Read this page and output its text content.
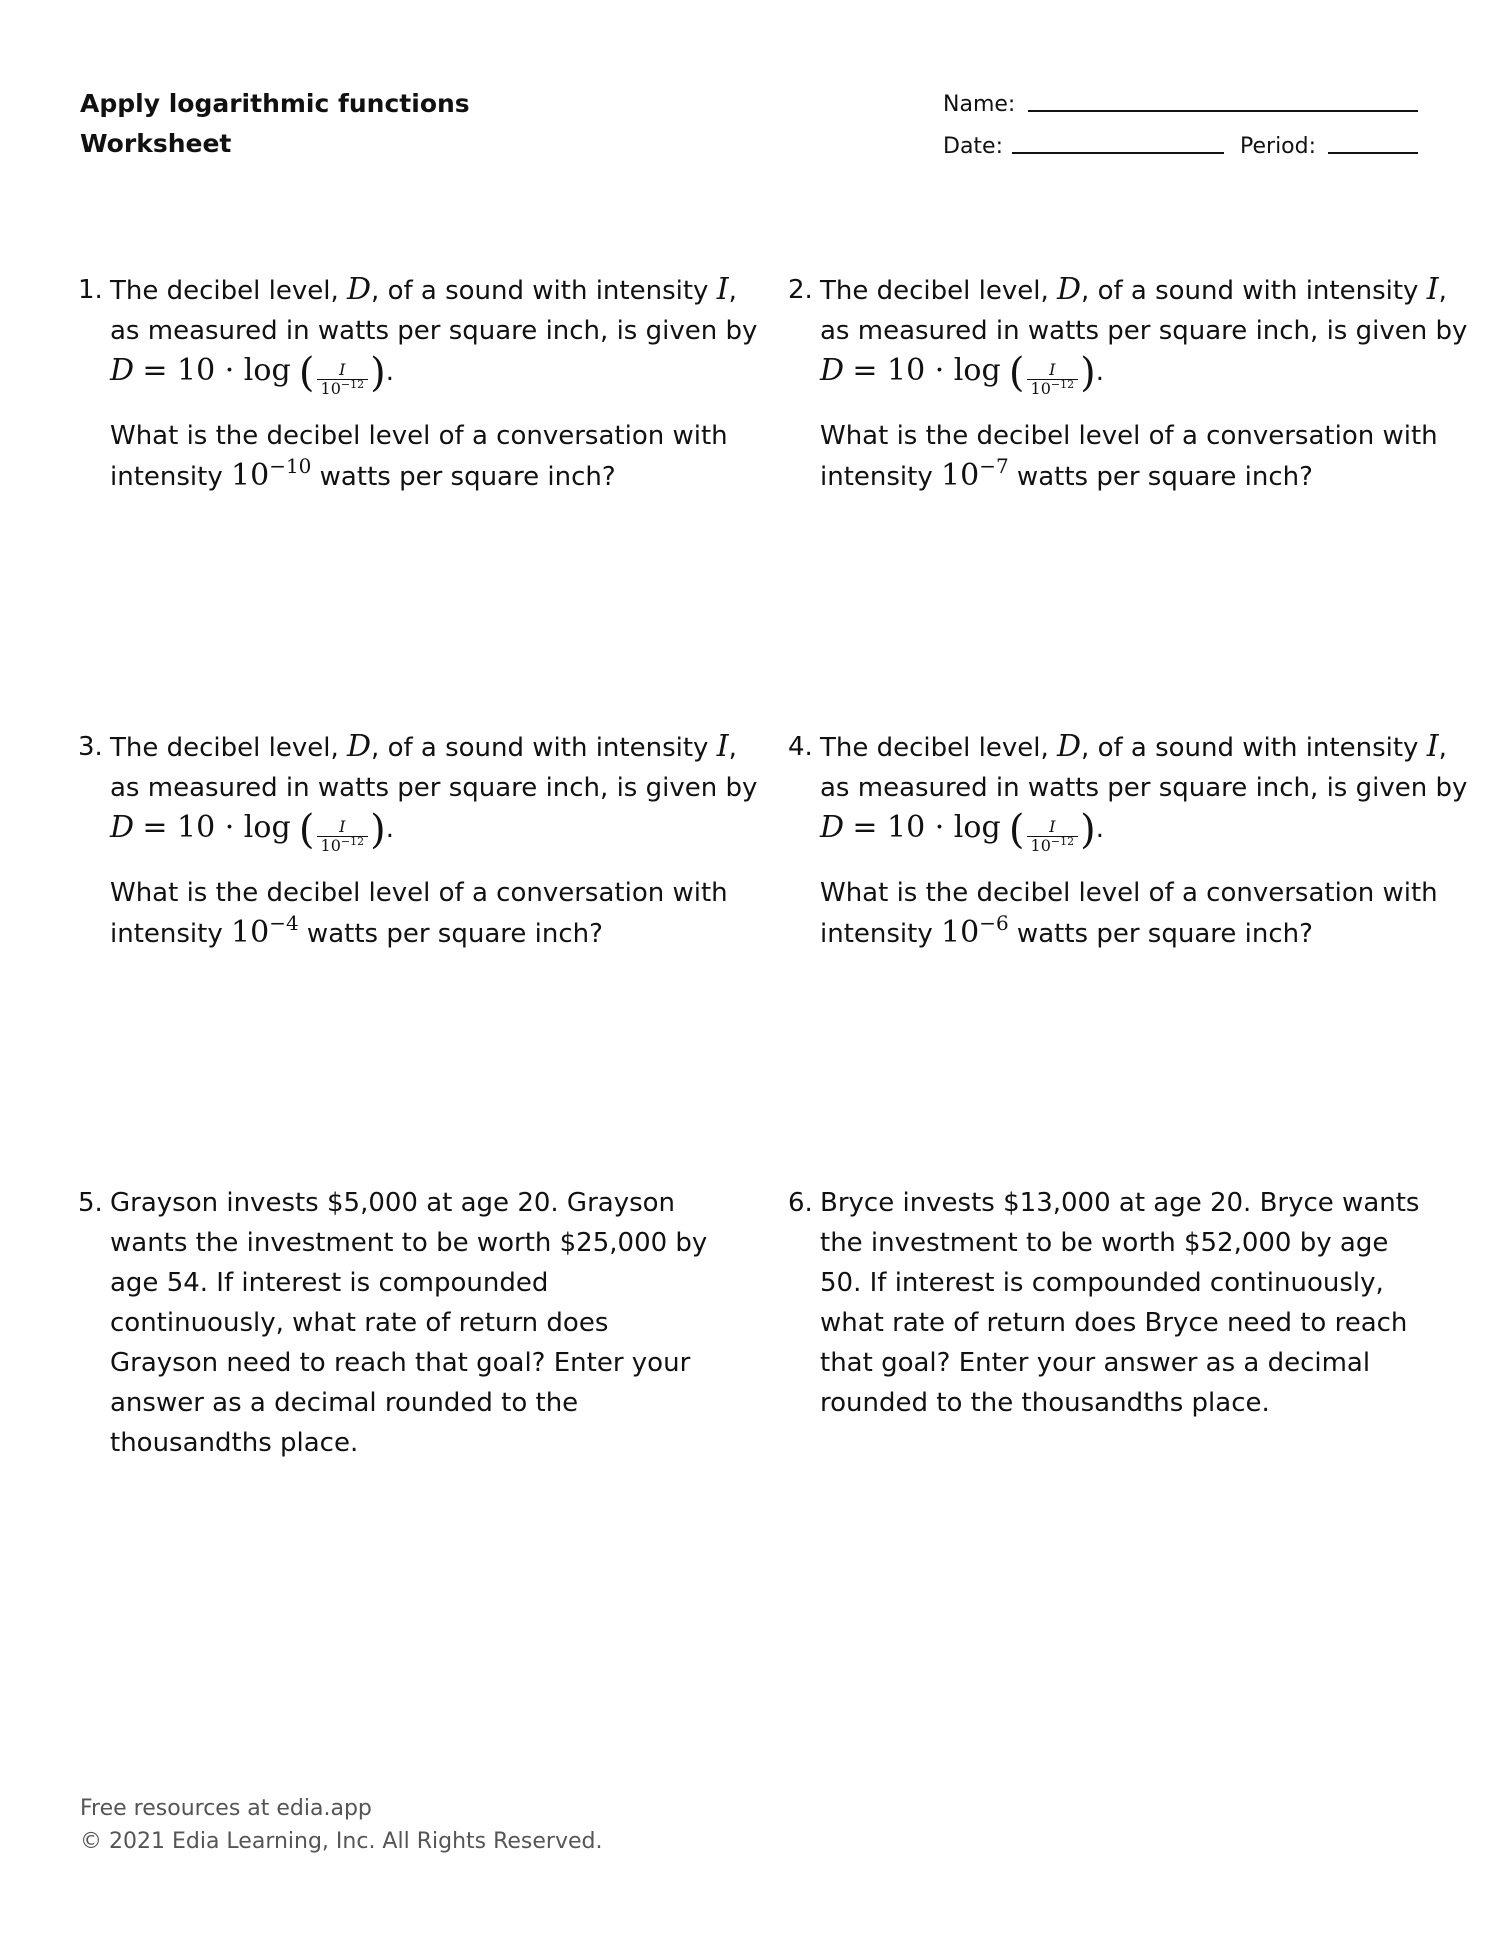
Apply logarithmic functions
Worksheet
Name:
Date:	Period:
1. The decibel level, D, of a sound with intensity I,
as measured in watts per square inch, is given by
D = 10 · log ( $\frac{I}{10^{-12}}$ ).
What is the decibel level of a conversation with
intensity $10^{-10}$ watts per square inch?
2. The decibel level, D, of a sound with intensity I,
as measured in watts per square inch, is given by
D = 10 · log ( $\frac{I}{10^{-12}}$ ).
What is the decibel level of a conversation with
intensity $10^{-7}$ watts per square inch?
3. The decibel level, D, of a sound with intensity I,
as measured in watts per square inch, is given by
D = 10 · log ( $\frac{I}{10^{-12}}$ ).
What is the decibel level of a conversation with
intensity $10^{-4}$ watts per square inch?
4. The decibel level, D, of a sound with intensity I,
as measured in watts per square inch, is given by
D = 10 · log ( $\frac{I}{10^{-12}}$ ).
What is the decibel level of a conversation with
intensity $10^{-6}$ watts per square inch?
5. Grayson invests $5,000 at age 20. Grayson wants the investment to be worth $25,000 by age 54. If interest is compounded continuously, what rate of return does Grayson need to reach that goal? Enter your answer as a decimal rounded to the thousandths place.
6. Bryce invests $13,000 at age 20. Bryce wants the investment to be worth $52,000 by age 50. If interest is compounded continuously, what rate of return does Bryce need to reach that goal? Enter your answer as a decimal rounded to the thousandths place.
Free resources at edia.app
© 2021 Edia Learning, Inc. All Rights Reserved.
